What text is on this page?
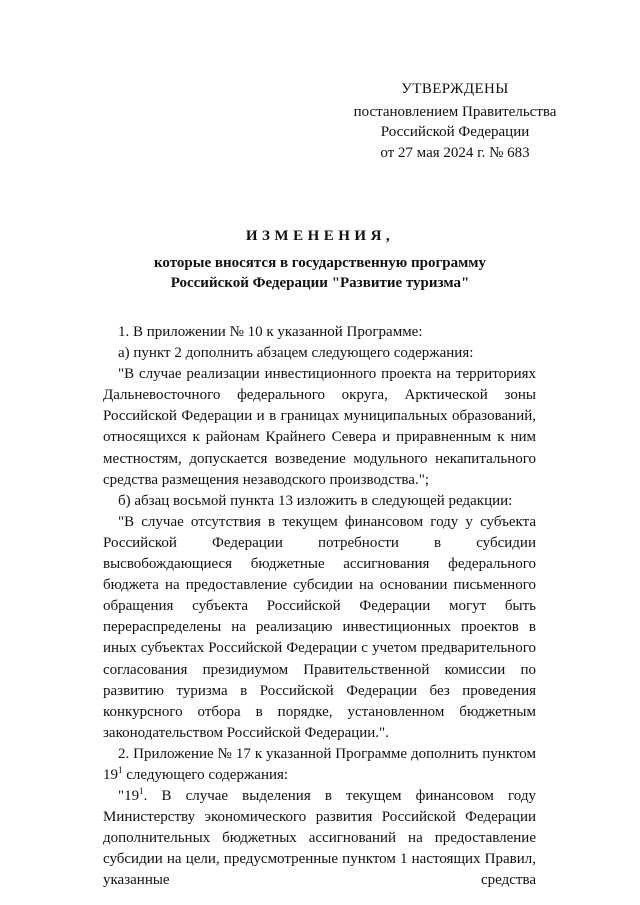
УТВЕРЖДЕНЫ
постановлением Правительства
Российской Федерации
от 27 мая 2024 г. № 683
ИЗМЕНЕНИЯ,
которые вносятся в государственную программу
Российской Федерации "Развитие туризма"

1. В приложении № 10 к указанной Программе:

а) пункт 2 дополнить абзацем следующего содержания:

"В случае реализации инвестиционного проекта на территориях Дальневосточного федерального округа, Арктической зоны Российской Федерации и в границах муниципальных образований, относящихся к районам Крайнего Севера и приравненным к ним местностям, допускается возведение модульного некапитального средства размещения незаводского производства.";

б) абзац восьмой пункта 13 изложить в следующей редакции:

"В случае отсутствия в текущем финансовом году у субъекта Российской Федерации потребности в субсидии высвобождающиеся бюджетные ассигнования федерального бюджета на предоставление субсидии на основании письменного обращения субъекта Российской Федерации могут быть перераспределены на реализацию инвестиционных проектов в иных субъектах Российской Федерации с учетом предварительного согласования президиумом Правительственной комиссии по развитию туризма в Российской Федерации без проведения конкурсного отбора в порядке, установленном бюджетным законодательством Российской Федерации.".

2. Приложение № 17 к указанной Программе дополнить пунктом $19^1$ следующего содержания:

"$19^1$. В случае выделения в текущем финансовом году Министерству экономического развития Российской Федерации дополнительных бюджетных ассигнований на предоставление субсидии на цели, предусмотренные пунктом 1 настоящих Правил, указанные средства
